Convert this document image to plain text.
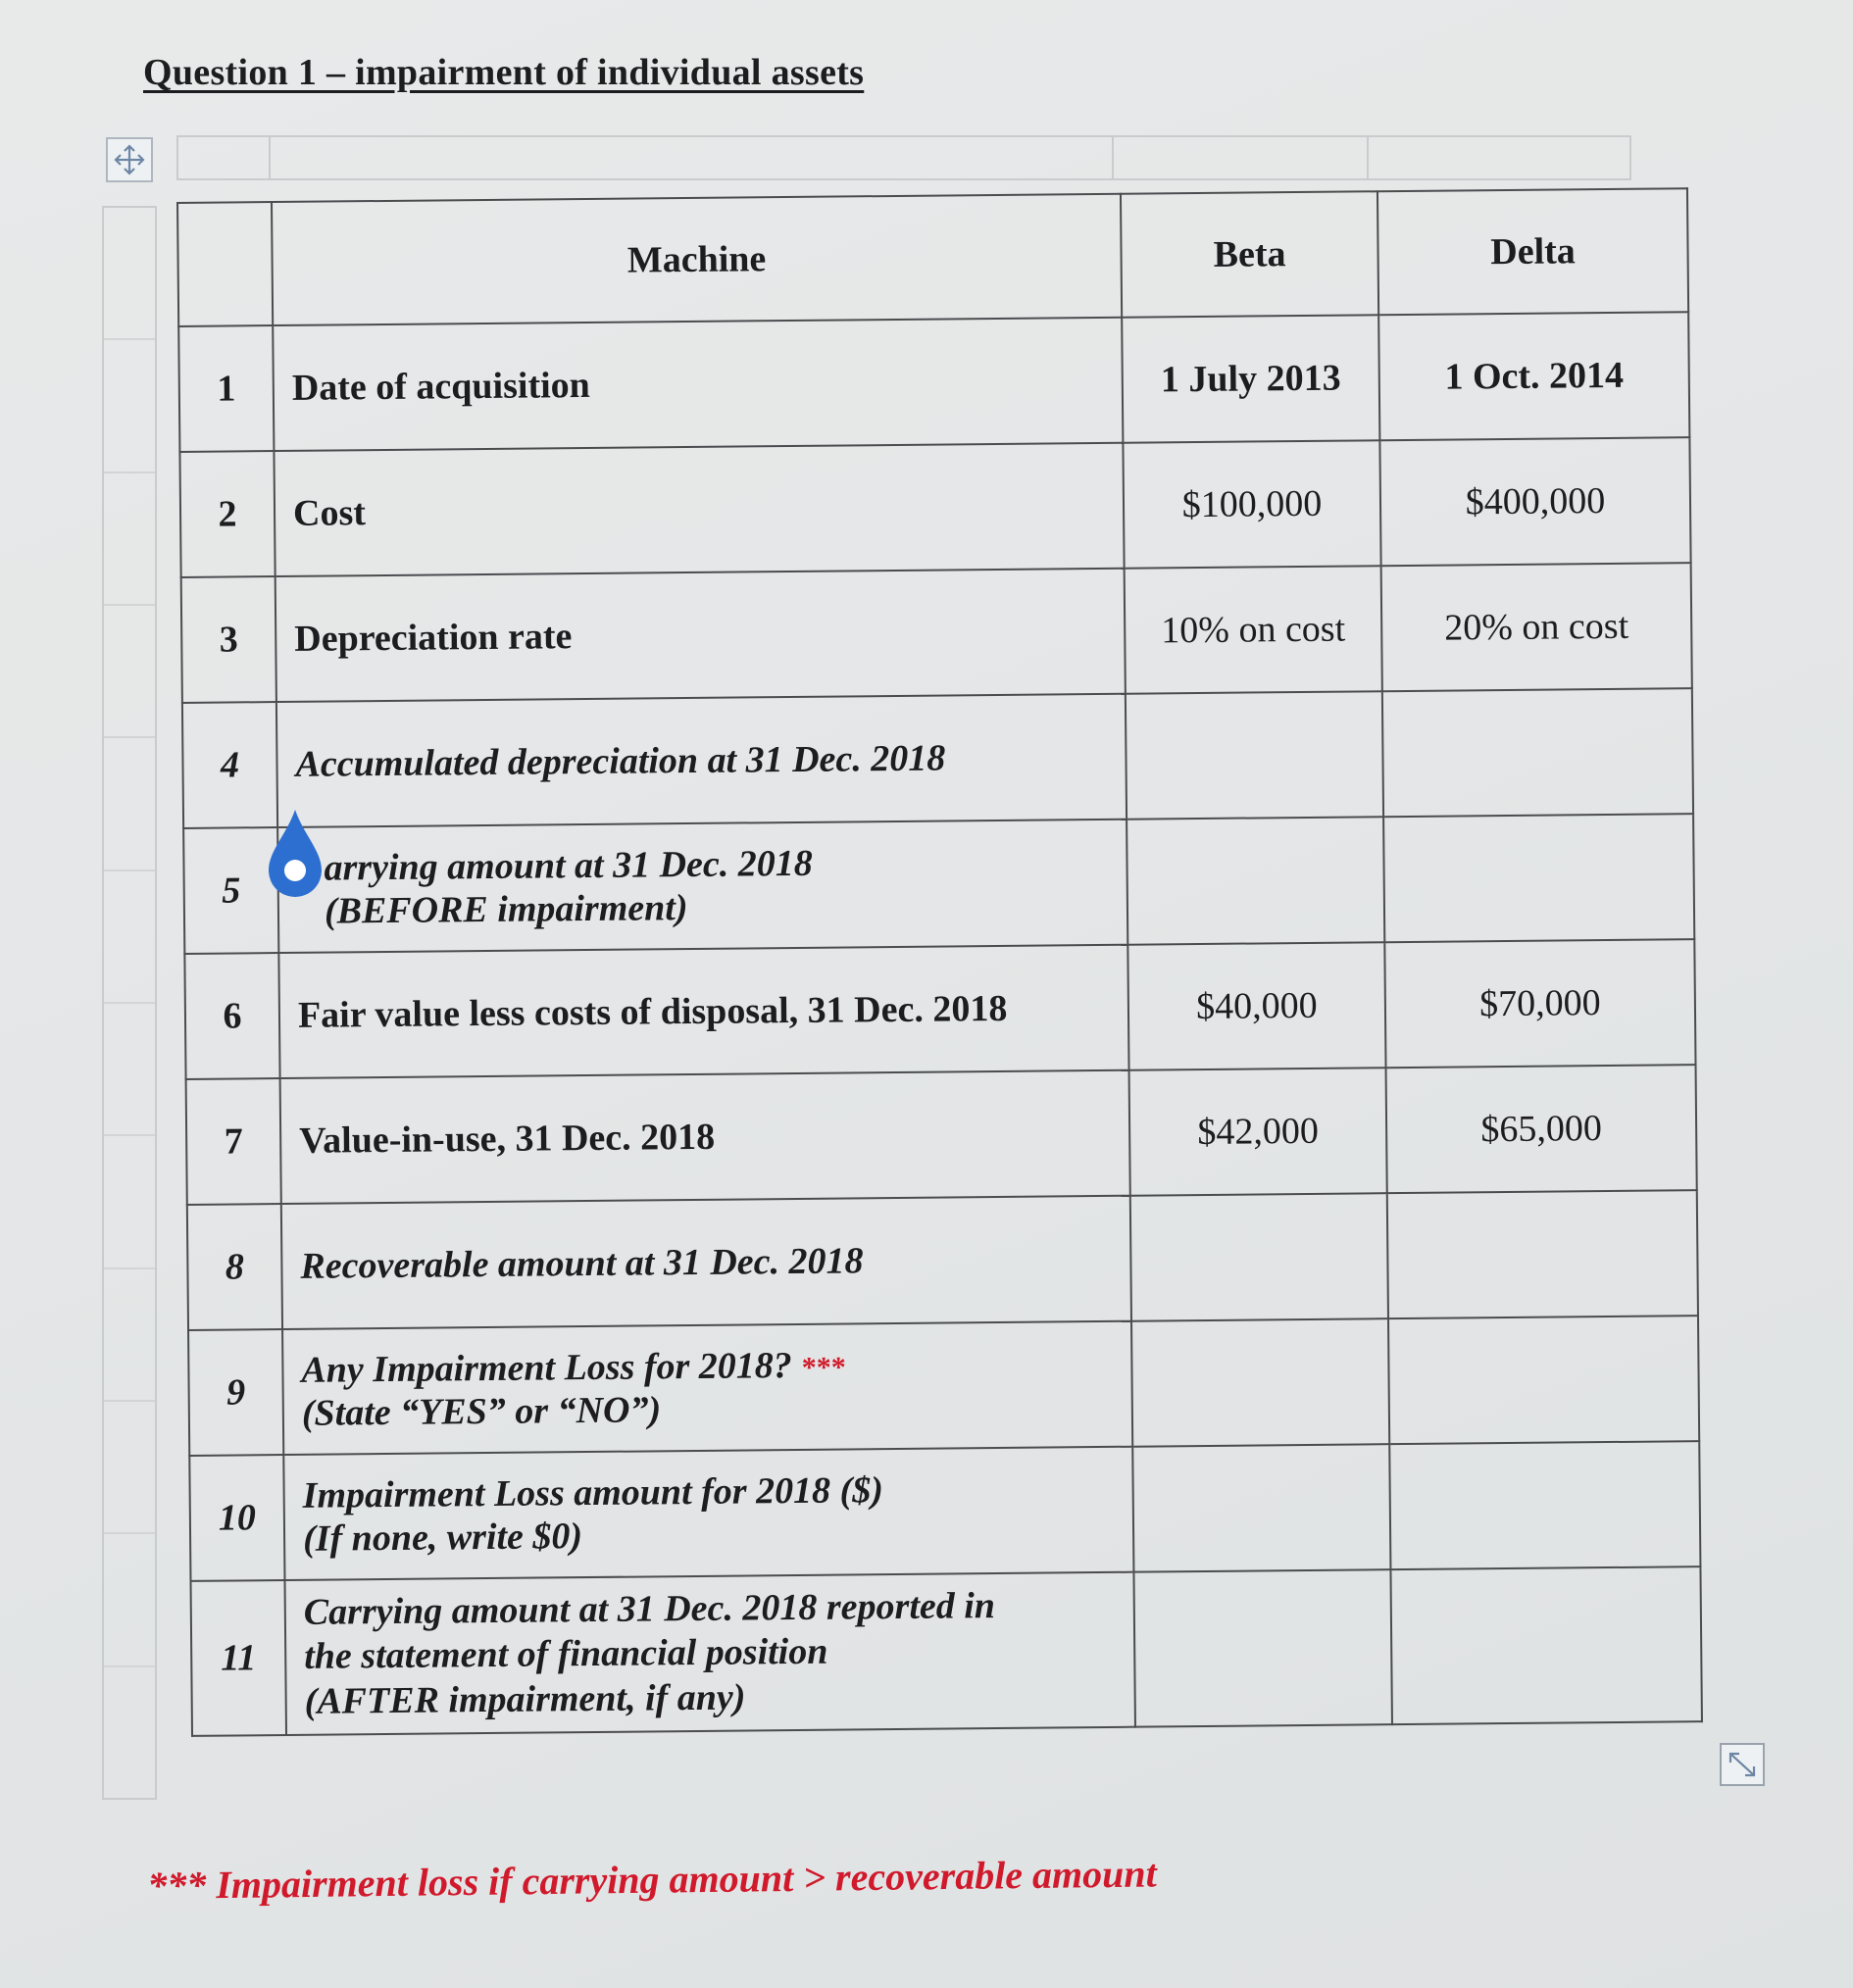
Question 1 – impairment of individual assets
	Machine	Beta	Delta
1	Date of acquisition	1 July 2013	1 Oct. 2014
2	Cost	$100,000	$400,000
3	Depreciation rate	10% on cost	20% on cost
4	Accumulated depreciation at 31 Dec. 2018		
5	arrying amount at 31 Dec. 2018
(BEFORE impairment)		

6	Fair value less costs of disposal, 31 Dec. 2018	$40,000	$70,000
7	Value-in-use, 31 Dec. 2018	$42,000	$65,000
8	Recoverable amount at 31 Dec. 2018		
9	Any Impairment Loss for 2018? ***
(State “YES” or “NO”)		

10	Impairment Loss amount for 2018 ($)
(If none, write $0)		

11	Carrying amount at 31 Dec. 2018 reported in
the statement of financial position
(AFTER impairment, if any)		

*** Impairment loss if carrying amount > recoverable amount
